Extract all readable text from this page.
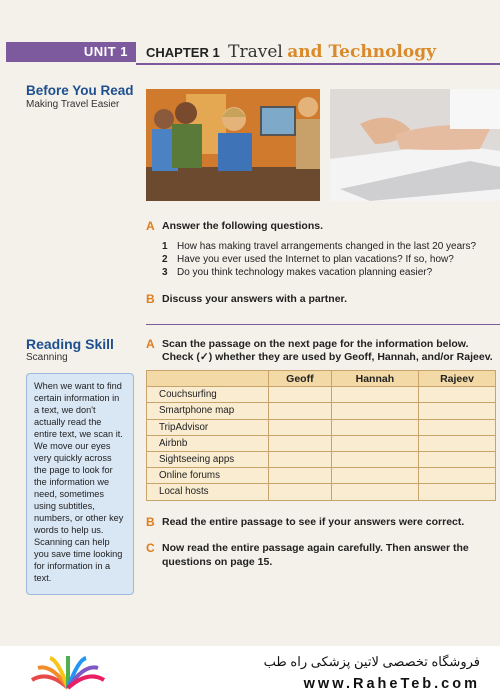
UNIT 1	CHAPTER 1 Travel and Technology
Before You Read
Making Travel Easier
A Answer the following questions.
1 How has making travel arrangements changed in the last 20 years?
2 Have you ever used the Internet to plan vacations? If so, how?
3 Do you think technology makes vacation planning easier?
B Discuss your answers with a partner.
Reading Skill
Scanning
When we want to find certain information in a text, we don't actually read the entire text, we scan it. We move our eyes very quickly across the page to look for the information we need, sometimes using subtitles, numbers, or other key words to help us. Scanning can help you save time looking for information in a text.
A Scan the passage on the next page for the information below. Check (✓) whether they are used by Geoff, Hannah, and/or Rajeev.
	Geoff	Hannah	Rajeev
Couchsurfing			
Smartphone map			
TripAdvisor			
Airbnb			
Sightseeing apps			
Online forums			
Local hosts			
B Read the entire passage to see if your answers were correct.
C Now read the entire passage again carefully. Then answer the
questions on page 15.
فروشگاه تخصصی لاتین پزشکی راه طب
www.RaheTeb.com
